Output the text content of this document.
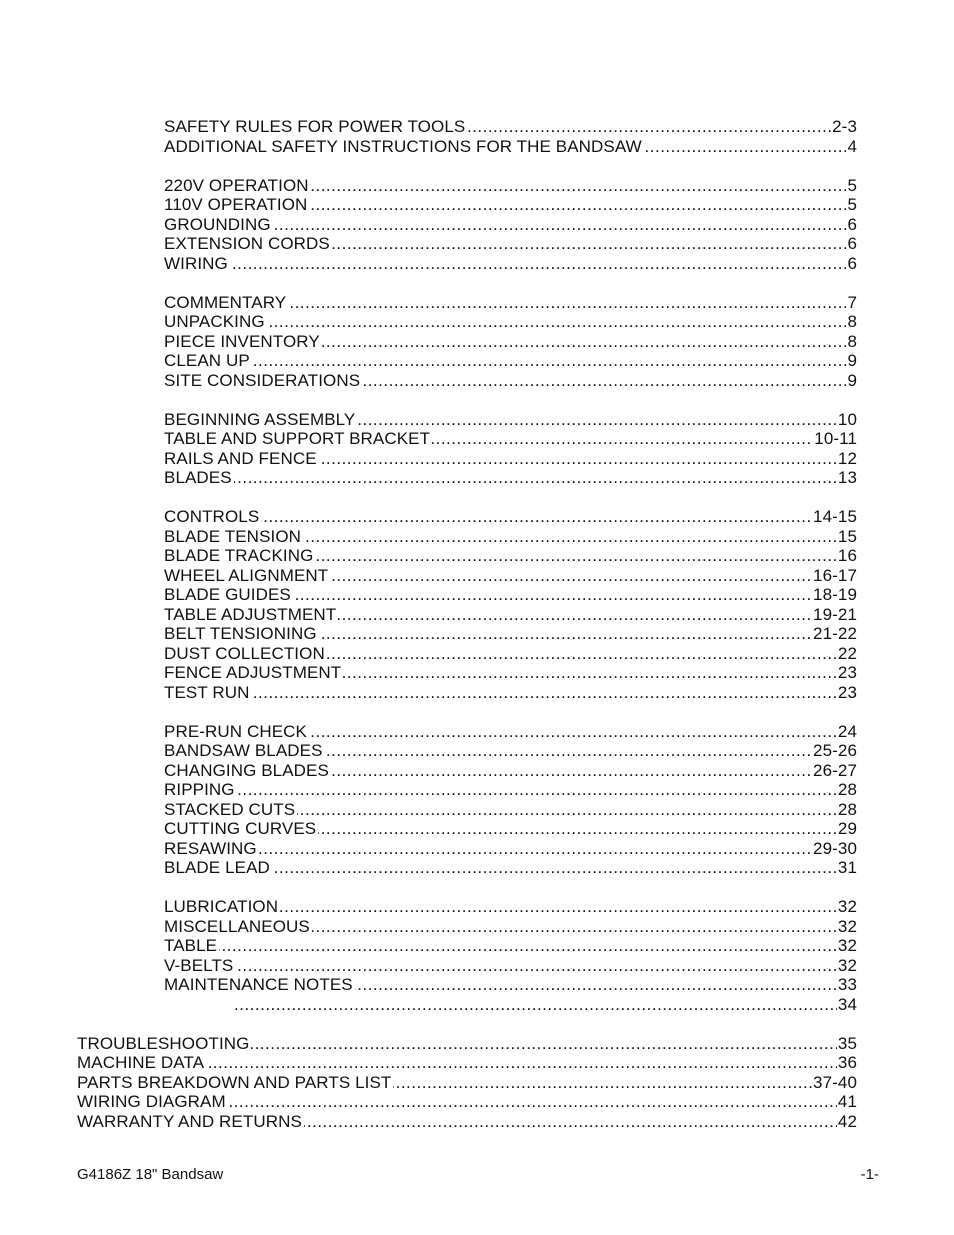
.....
SAFETY RULES FOR POWER TOOLS	2-3
.....
ADDITIONAL SAFETY INSTRUCTIONS FOR THE BANDSAW	4
.....
220V OPERATION	5
.....
110V OPERATION	5
.....
GROUNDING	6
.....
EXTENSION CORDS	6
.....
WIRING	6
.....
COMMENTARY	7
.....
UNPACKING	8
.....
PIECE INVENTORY	8
.....
CLEAN UP	9
.....
SITE CONSIDERATIONS	9
.....
BEGINNING ASSEMBLY	10
.....
TABLE AND SUPPORT BRACKET	10-11
.....
RAILS AND FENCE	12
.....
BLADES	13
.....
CONTROLS	14-15
.....
BLADE TENSION	15
.....
BLADE TRACKING	16
.....
WHEEL ALIGNMENT	16-17
.....
BLADE GUIDES	18-19
.....
TABLE ADJUSTMENT	19-21
.....
BELT TENSIONING	21-22
.....
DUST COLLECTION	22
.....
FENCE ADJUSTMENT	23
.....
TEST RUN	23
.....
PRE-RUN CHECK	24
.....
BANDSAW BLADES	25-26
.....
CHANGING BLADES	26-27
.....
RIPPING	28
.....
STACKED CUTS	28
.....
CUTTING CURVES	29
.....
RESAWING	29-30
.....
BLADE LEAD	31
.....
LUBRICATION	32
.....
MISCELLANEOUS	32
.....
TABLE	32
.....
V-BELTS	32
.....
MAINTENANCE NOTES	33
.....
34
.....
TROUBLESHOOTING	35
.....
MACHINE DATA	36
.....
PARTS BREAKDOWN AND PARTS LIST	37-40
.....
WIRING DIAGRAM	41
.....
WARRANTY AND RETURNS	42
G4186Z 18" Bandsaw	-1-
